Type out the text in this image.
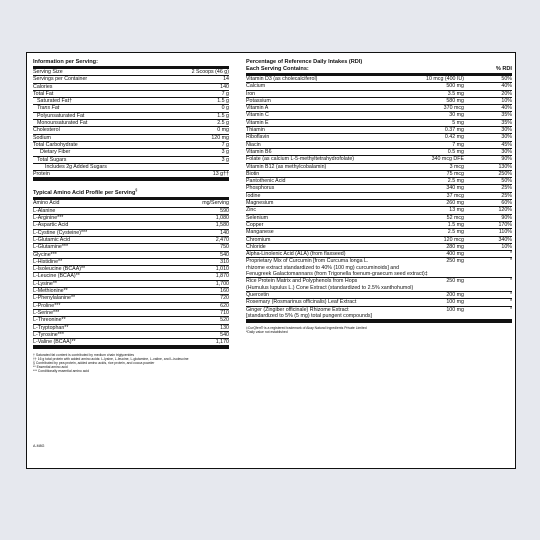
Information per Serving:
Serving Size	2 Scoops (46 g)
Servings per Container	14
Calories	140
Total Fat	7 g
Saturated Fat†	1.5 g
Trans Fat	0 g
Polyunsaturated Fat	1.5 g
Monounsaturated Fat	2.5 g
Cholesterol	0 mg
Sodium	120 mg
Total Carbohydrate	7 g
Dietary Fiber	3 g
Total Sugars	3 g
Includes 2g Added Sugars
Protein	13 g††
Typical Amino Acid Profile per Serving§
Amino Acid	mg/Serving
L-Alanine	590
L-Arginine***	1,080
L-Aspartic Acid	1,580
L-Cystine (Cysteine)***	140
L-Glutamic Acid	2,470
L-Glutamine***	750
Glycine***	540
L-Histidine**	310
L-Isoleucine (BCAA)**	1,010
L-Leucine (BCAA)**	1,870
L-Lysine**	1,700
L-Methionine**	160
L-Phenylalanine**	720
L-Proline***	620
L-Serine***	710
L-Threonine**	520
L-Tryptophan**	130
L-Tyrosine***	540
L-Valine (BCAA)**	1,170
† Saturated fat content is contributed by medium chain triglycerides
†† 16 g total protein with added amino acids: L-lysine, L-leucine, L-glutamine, L-valine, and L-isoleucine
§ Contributed by pea protein, added amino acids, rice protein, and cocoa powder
** Essential amino acid
*** Conditionally essential amino acid
A-M8G
Percentage of Reference Daily Intakes (RDI)
Each Serving Contains:	% RDI
Vitamin D3 (as cholecalciferol)	10 mcg (400 IU)	50%
Calcium	500 mg	40%
Iron	3.5 mg	20%
Potassium	580 mg	10%
Vitamin A	370 mcg	40%
Vitamin C	30 mg	35%
Vitamin E	5 mg	35%
Thiamin	0.37 mg	30%
Riboflavin	0.42 mg	30%
Niacin	7 mg	45%
Vitamin B6	0.5 mg	30%
Folate (as calcium L-5-methyltetrahydrofolate)	340 mcg DFE	90%
Vitamin B12 (as methylcobalamin)	3 mcg	130%
Biotin	75 mcg	250%
Pantothenic Acid	2.5 mg	50%
Phosphorus	340 mg	25%
Iodine	37 mcg	25%
Magnesium	260 mg	60%
Zinc	13 mg	120%
Selenium	52 mcg	90%
Copper	1.5 mg	170%
Manganese	2.5 mg	110%
Chromium	120 mcg	340%
Chloride	280 mg	10%
Alpha-Linolenic Acid (ALA) (from flaxseed)	400 mg	*
Proprietary Mix of Curcumin [from Curcuma longa L.	250 mg	*
rhizome extract standardized to 40% (100 mg) curcuminoids] and
Fenugreek Galactomannans (from Trigonella foenum-graecum seed extract)‡
Rice Protein Matrix and Polyphenols from Hops	250 mg	*
(Humulus lupulus L.) Cone Extract (standardized to 2.5% xanthohumol)
Quercetin	200 mg	*
Rosemary (Rosmarinus officinalis) Leaf Extract	100 mg	*
Ginger (Zingiber officinale) Rhizome Extract	100 mg	*
[standardized to 5% (5 mg) total pungent compounds]
‡CurQfen® is a registered trademark of Akay Natural Ingredients Private Limited
*Daily value not established
